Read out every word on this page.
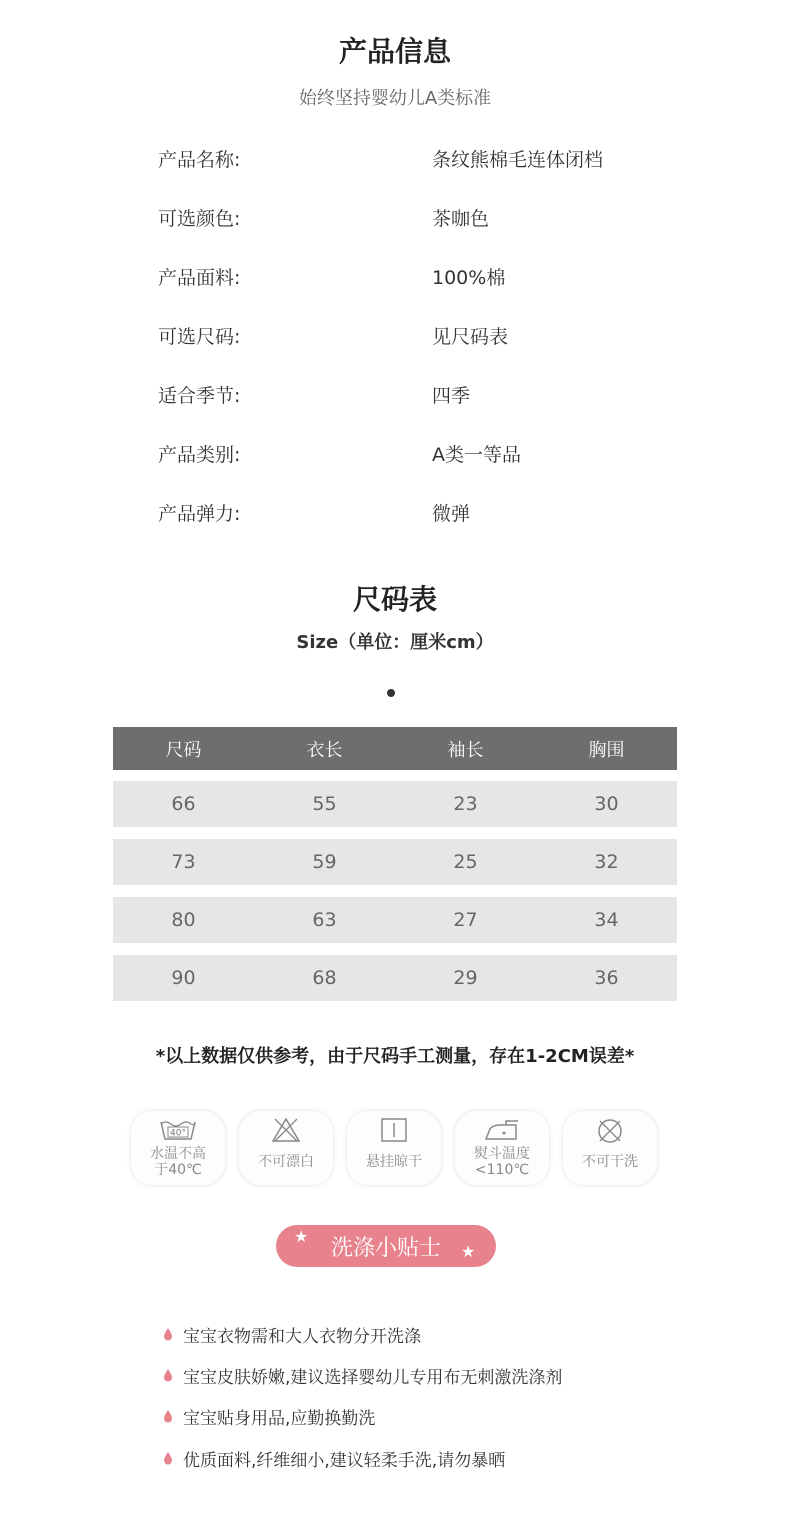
产品信息
始终坚持婴幼儿A类标准
产品名称:	条纹熊棉毛连体闭档
可选颜色:	茶咖色
产品面料:	100%棉
可选尺码:	见尺码表
适合季节:	四季
产品类别:	A类一等品
产品弹力:	微弹
尺码表
Size（单位：厘米cm）
尺码	衣长	袖长	胸围
66	55	23	30
73	59	25	32
80	63	27	34
90	68	29	36
*以上数据仅供参考，由于尺码手工测量，存在1-2CM误差*
40°
水温不高
于40℃	不可漂白	悬挂晾干	熨斗温度
<110℃	不可干洗
洗涤小贴士
★
★
宝宝衣物需和大人衣物分开洗涤
宝宝皮肤娇嫩,建议选择婴幼儿专用布无刺激洗涤剂
宝宝贴身用品,应勤换勤洗
优质面料,纤维细小,建议轻柔手洗,请勿暴晒
